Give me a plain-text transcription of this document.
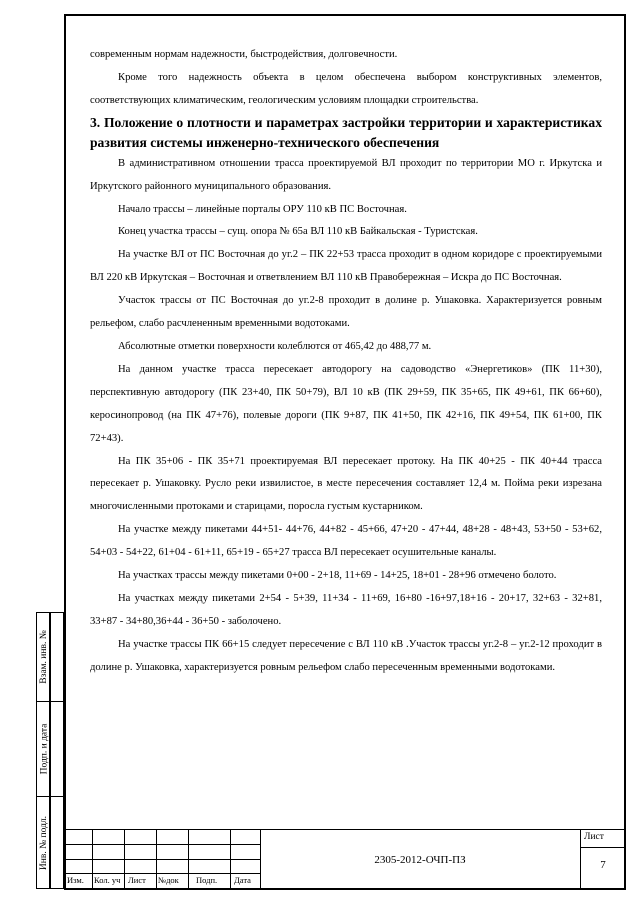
современным нормам надежности, быстродействия, долговечности.

Кроме того надежность объекта в целом обеспечена выбором конструктивных элементов, соответствующих климатическим, геологическим условиям площадки строительства.

3. Положение о плотности и параметрах застройки территории и характеристиках развития системы инженерно-технического обеспечения

В административном отношении трасса проектируемой ВЛ проходит по территории МО г. Иркутска и Иркутского районного муниципального образования.

Начало трассы – линейные порталы ОРУ 110 кВ ПС Восточная.

Конец участка трассы – сущ. опора № 65а ВЛ 110 кВ Байкальская - Туристская.

На участке ВЛ от ПС Восточная до уг.2 – ПК 22+53 трасса проходит в одном коридоре с проектируемыми ВЛ 220 кВ Иркутская – Восточная и ответвлением ВЛ 110 кВ Правобережная – Искра до ПС Восточная.

Участок трассы от ПС Восточная до уг.2-8 проходит в долине р. Ушаковка. Характеризуется ровным рельефом, слабо расчлененным временными водотоками.

Абсолютные отметки поверхности колеблются от 465,42 до 488,77 м.

На данном участке трасса пересекает автодорогу на садоводство «Энергетиков» (ПК 11+30), перспективную автодорогу (ПК 23+40, ПК 50+79), ВЛ 10 кВ (ПК 29+59, ПК 35+65, ПК 49+61, ПК 66+60), керосинопровод (на ПК 47+76), полевые дороги (ПК 9+87, ПК 41+50, ПК 42+16, ПК 49+54, ПК 61+00, ПК 72+43).

На ПК 35+06 - ПК 35+71 проектируемая ВЛ пересекает протоку. На ПК 40+25 - ПК 40+44 трасса пересекает р. Ушаковку. Русло реки извилистое, в месте пересечения составляет 12,4 м. Пойма реки изрезана многочисленными протоками и старицами, поросла густым кустарником.

На участке между пикетами 44+51- 44+76, 44+82 - 45+66, 47+20 - 47+44, 48+28 - 48+43, 53+50 - 53+62, 54+03 - 54+22, 61+04 - 61+11, 65+19 - 65+27 трасса ВЛ пересекает осушительные каналы.

На участках трассы между пикетами 0+00 - 2+18, 11+69 - 14+25, 18+01 - 28+96 отмечено болото.

На участках между пикетами 2+54 - 5+39, 11+34 - 11+69, 16+80 -16+97,18+16 - 20+17, 32+63 - 32+81, 33+87 - 34+80,36+44 - 36+50 - заболочено.

На участке трассы ПК 66+15 следует пересечение с ВЛ 110 кВ .Участок трассы уг.2-8 – уг.2-12 проходит в долине р. Ушаковка, характеризуется ровным рельефом слабо пересеченным временными водотоками.

Взам. инв. №
Подп. и дата
Инв. № подл.
Изм. Кол. уч Лист №док Подп. Дата
2305-2012-ОЧП-ПЗ
Лист
7
